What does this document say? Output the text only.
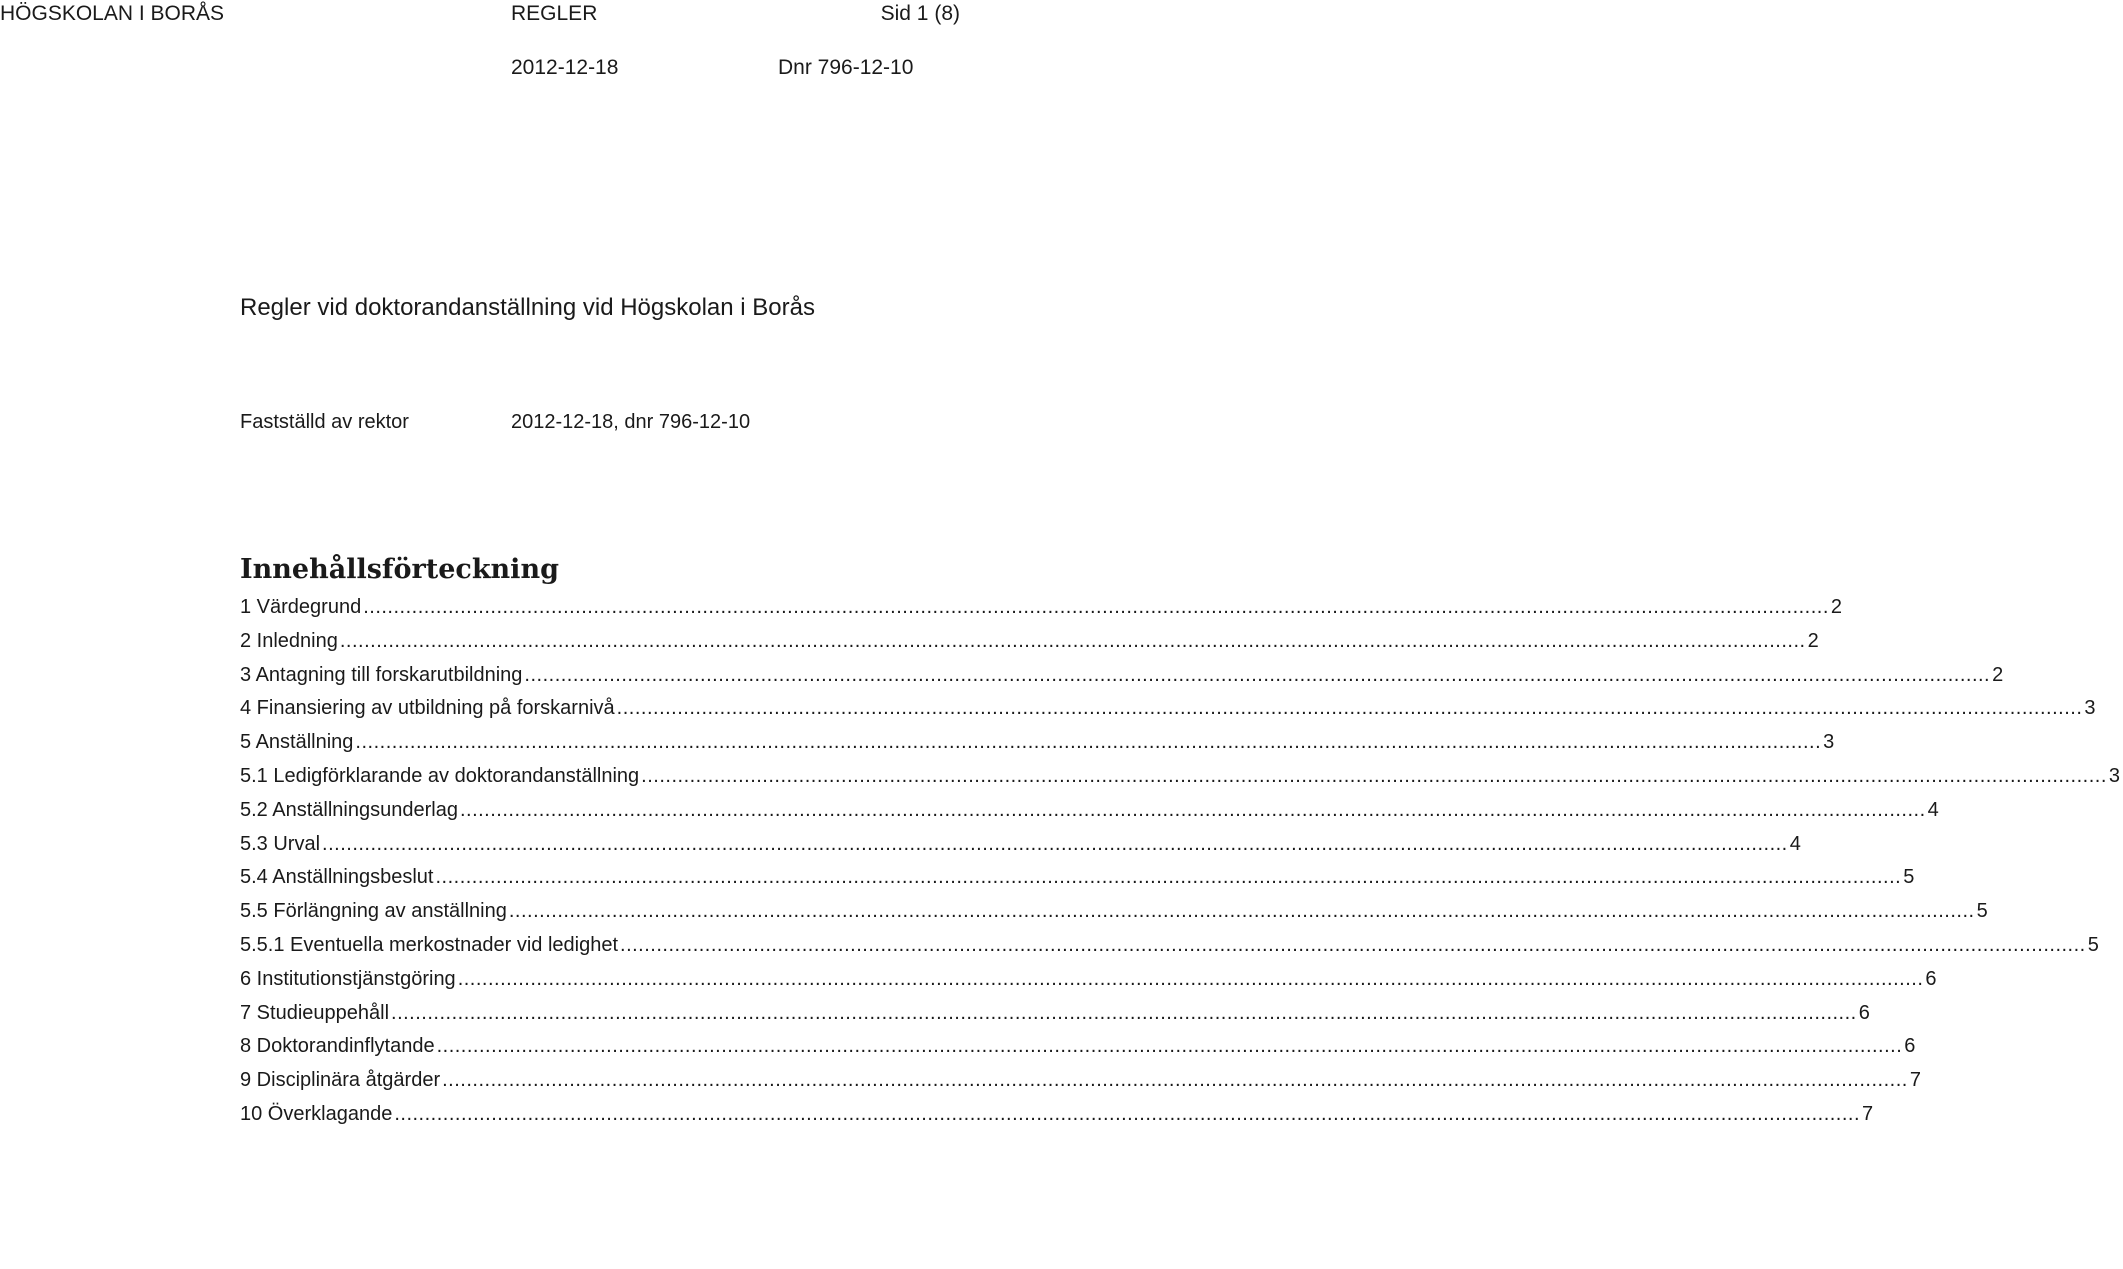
HÖGSKOLAN I BORÅS	REGLER	Sid 1 (8)
2012-12-18	Dnr 796-12-10
Regler vid doktorandanställning vid Högskolan i Borås
Fastställd av rektor	2012-12-18, dnr 796-12-10
Innehållsförteckning
1 Värdegrund .................................................................................................................................................................................................................................................. 2
2 Inledning .................................................................................................................................................................................................................................................. 2
3 Antagning till forskarutbildning .................................................................................................................................................................................................................................................. 2
4 Finansiering av utbildning på forskarnivå .................................................................................................................................................................................................................................................. 3
5 Anställning .................................................................................................................................................................................................................................................. 3
5.1 Ledigförklarande av doktorandanställning .................................................................................................................................................................................................................................................. 3
5.2 Anställningsunderlag .................................................................................................................................................................................................................................................. 4
5.3 Urval .................................................................................................................................................................................................................................................. 4
5.4 Anställningsbeslut .................................................................................................................................................................................................................................................. 5
5.5 Förlängning av anställning .................................................................................................................................................................................................................................................. 5
5.5.1 Eventuella merkostnader vid ledighet .................................................................................................................................................................................................................................................. 5
6 Institutionstjänstgöring .................................................................................................................................................................................................................................................. 6
7 Studieuppehåll .................................................................................................................................................................................................................................................. 6
8 Doktorandinflytande .................................................................................................................................................................................................................................................. 6
9 Disciplinära åtgärder .................................................................................................................................................................................................................................................. 7
10 Överklagande .................................................................................................................................................................................................................................................. 7
